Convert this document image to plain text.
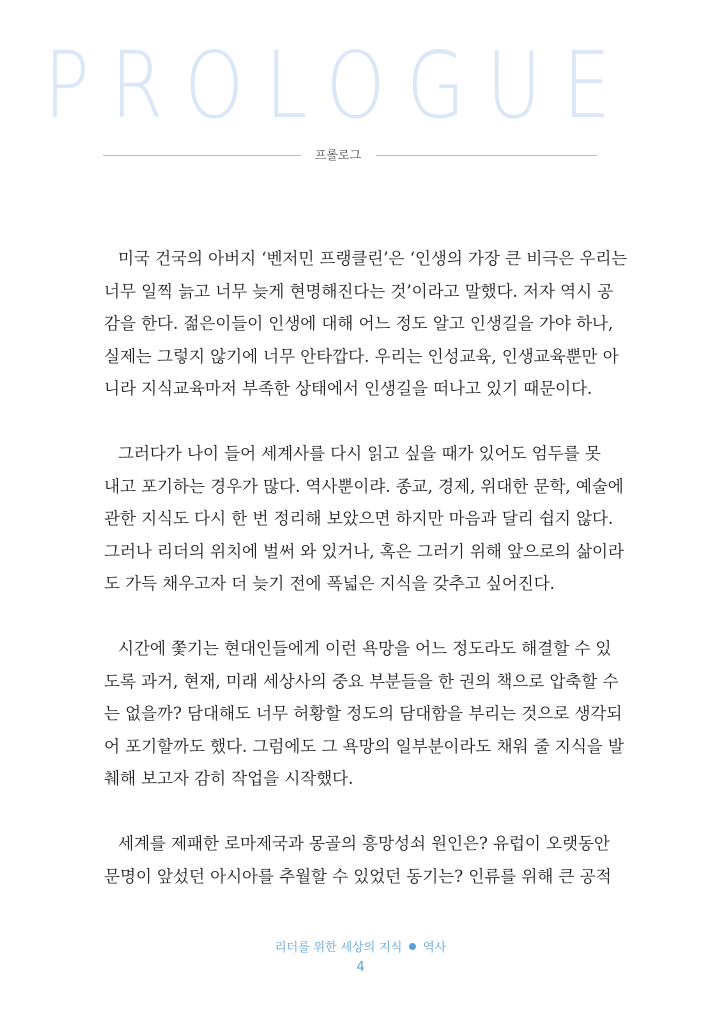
PROLOGUE
프롤로그
미국 건국의 아버지 ‘벤저민 프랭클린’은 ‘인생의 가장 큰 비극은 우리는
너무 일찍 늙고 너무 늦게 현명해진다는 것’이라고 말했다. 저자 역시 공
감을 한다. 젊은이들이 인생에 대해 어느 정도 알고 인생길을 가야 하나,
실제는 그렇지 않기에 너무 안타깝다. 우리는 인성교육, 인생교육뿐만 아
니라 지식교육마저 부족한 상태에서 인생길을 떠나고 있기 때문이다.
그러다가 나이 들어 세계사를 다시 읽고 싶을 때가 있어도 엄두를 못
내고 포기하는 경우가 많다. 역사뿐이랴. 종교, 경제, 위대한 문학, 예술에
관한 지식도 다시 한 번 정리해 보았으면 하지만 마음과 달리 쉽지 않다.
그러나 리더의 위치에 벌써 와 있거나, 혹은 그러기 위해 앞으로의 삶이라
도 가득 채우고자 더 늦기 전에 폭넓은 지식을 갖추고 싶어진다.
시간에 쫓기는 현대인들에게 이런 욕망을 어느 정도라도 해결할 수 있
도록 과거, 현재, 미래 세상사의 중요 부분들을 한 권의 책으로 압축할 수
는 없을까? 담대해도 너무 허황할 정도의 담대함을 부리는 것으로 생각되
어 포기할까도 했다. 그럼에도 그 욕망의 일부분이라도 채워 줄 지식을 발
췌해 보고자 감히 작업을 시작했다.
세계를 제패한 로마제국과 몽골의 흥망성쇠 원인은? 유럽이 오랫동안
문명이 앞섰던 아시아를 추월할 수 있었던 동기는? 인류를 위해 큰 공적
리더를 위한 세상의 지식 역사
4
